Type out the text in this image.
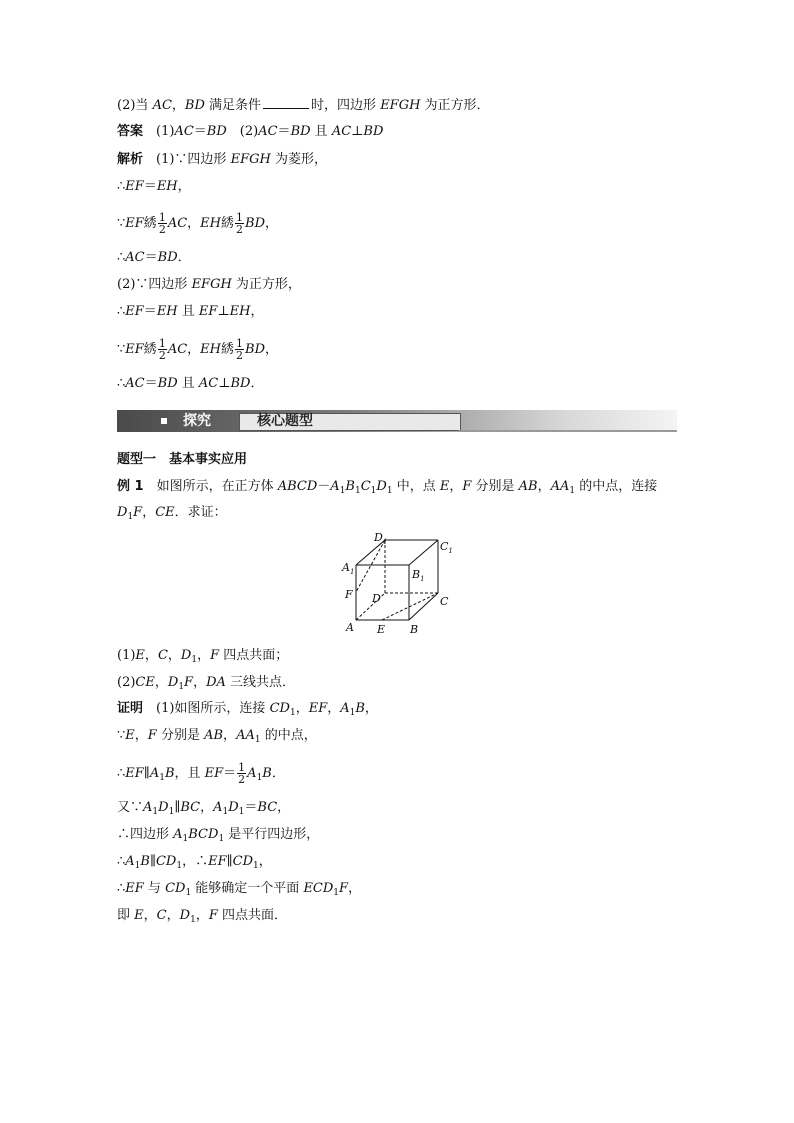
(2)当 AC，BD 满足条件	时，四边形 EFGH 为正方形．
答案　(1)AC＝BD　(2)AC＝BD 且 AC⊥BD
解析　(1)∵四边形 EFGH 为菱形，
∴EF＝EH，
∵EF綉 $\frac{1}{2}$ AC，EH綉 $\frac{1}{2}$ BD，
∴AC＝BD．
(2)∵四边形 EFGH 为正方形，
∴EF＝EH 且 EF⊥EH，
∵EF綉 $\frac{1}{2}$ AC，EH綉 $\frac{1}{2}$ BD，
∴AC＝BD 且 AC⊥BD．
探究	核心题型
题型一　基本事实应用
例 1　如图所示，在正方体 $ABCD-A_1B_1C_1D_1$ 中，点 E，F 分别是 AB，$AA_1$ 的中点，连接
$D_1F$，CE．求证：
$D_1$	$C_1$
$A_1$	$B_1$
F D	C
A E B
(1)E，C，$D_1$，F 四点共面；
(2)CE，$D_1F$，DA 三线共点．
证明　(1)如图所示，连接 $CD_1$，EF，$A_1B$，
∵E，F 分别是 AB，$AA_1$ 的中点，
$\therefore EF\parallel A_1B$，且 $EF= \frac{1}{2} A_1B$．
又$\because A_1D_1\parallel BC$，$A_1D_1=BC$，
∴四边形 $A_1BCD_1$ 是平行四边形，
$\therefore A_1B\parallel CD_1$，$\therefore EF\parallel CD_1$，
∴EF 与 $CD_1$ 能够确定一个平面 $ECD_1F$，
即 E，C，$D_1$，F 四点共面．
